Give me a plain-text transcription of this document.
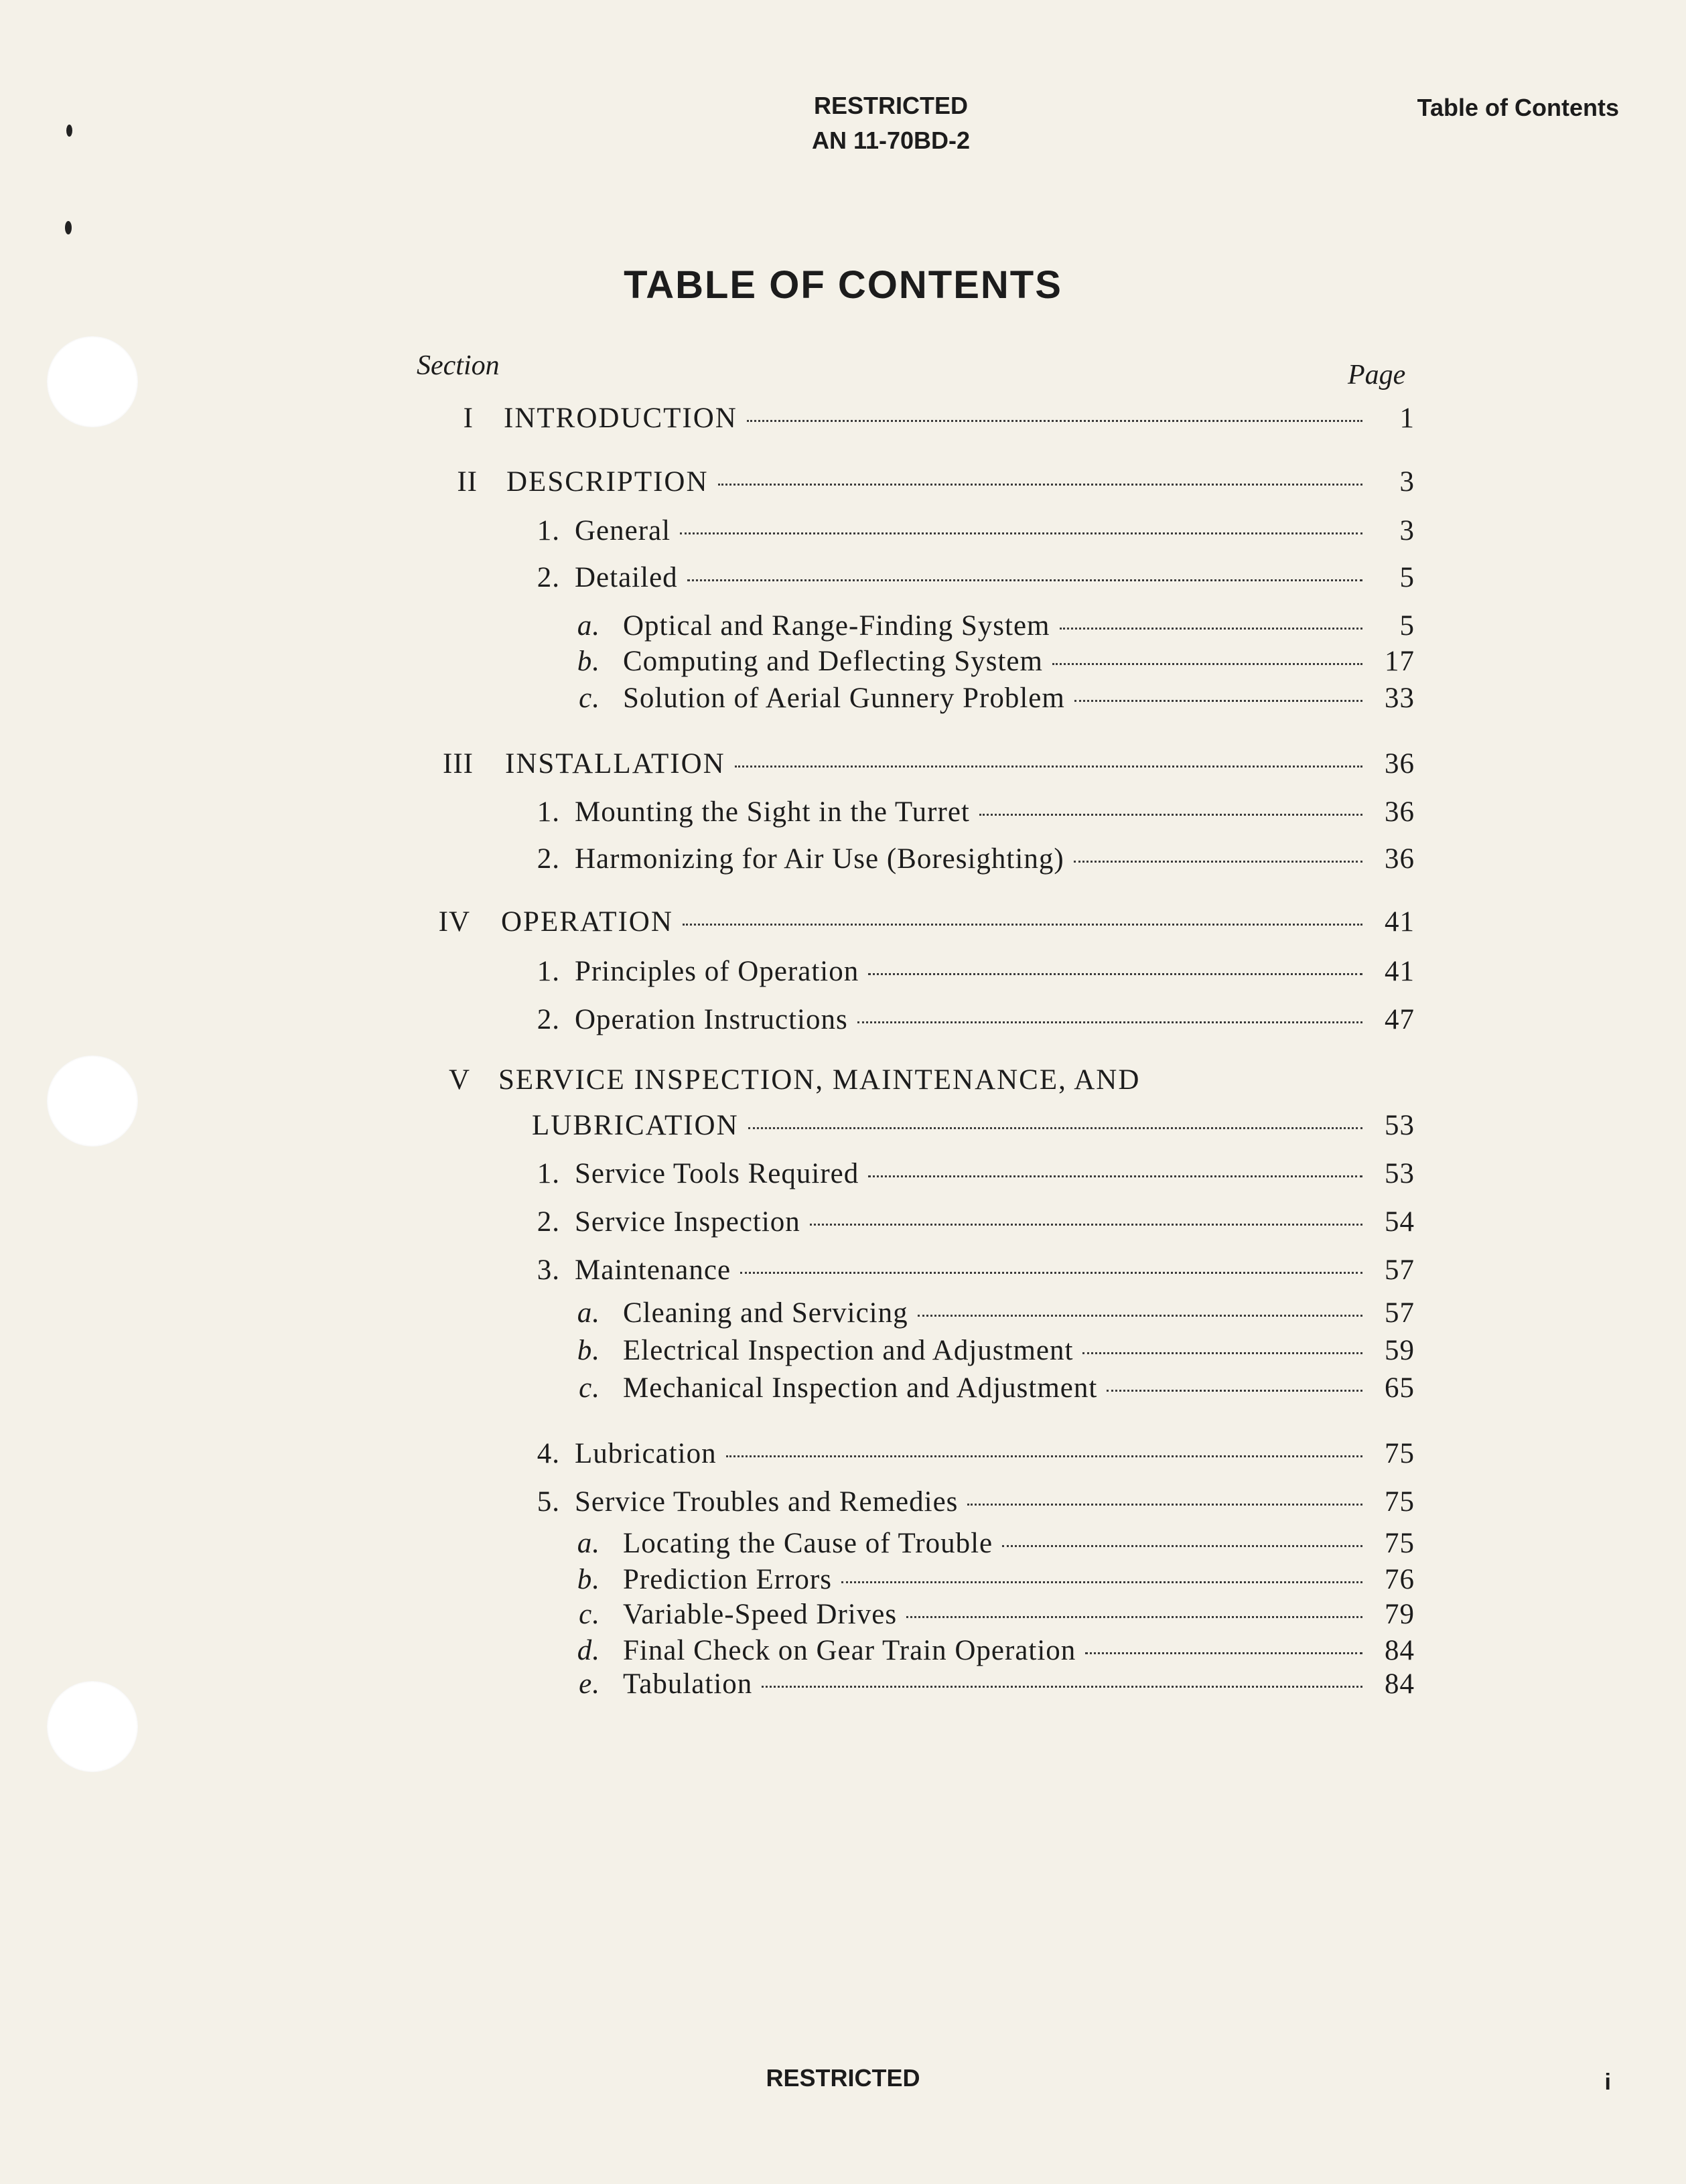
RESTRICTED
AN 11-70BD-2
Table of Contents
TABLE OF CONTENTS
Section	Page
I INTRODUCTION	1
II DESCRIPTION	3
1. General	3
2. Detailed	5
a. Optical and Range-Finding System	5
b. Computing and Deflecting System	17
c. Solution of Aerial Gunnery Problem	33
III INSTALLATION	36
1. Mounting the Sight in the Turret	36
2. Harmonizing for Air Use (Boresighting)	36
IV OPERATION	41
1. Principles of Operation	41
2. Operation Instructions	47
V SERVICE INSPECTION, MAINTENANCE, AND
LUBRICATION	53
1. Service Tools Required	53
2. Service Inspection	54
3. Maintenance	57
a. Cleaning and Servicing	57
b. Electrical Inspection and Adjustment	59
c. Mechanical Inspection and Adjustment	65
4. Lubrication	75
5. Service Troubles and Remedies	75
a. Locating the Cause of Trouble	75
b. Prediction Errors	76
c. Variable-Speed Drives	79
d. Final Check on Gear Train Operation	84
e. Tabulation	84
RESTRICTED	i
